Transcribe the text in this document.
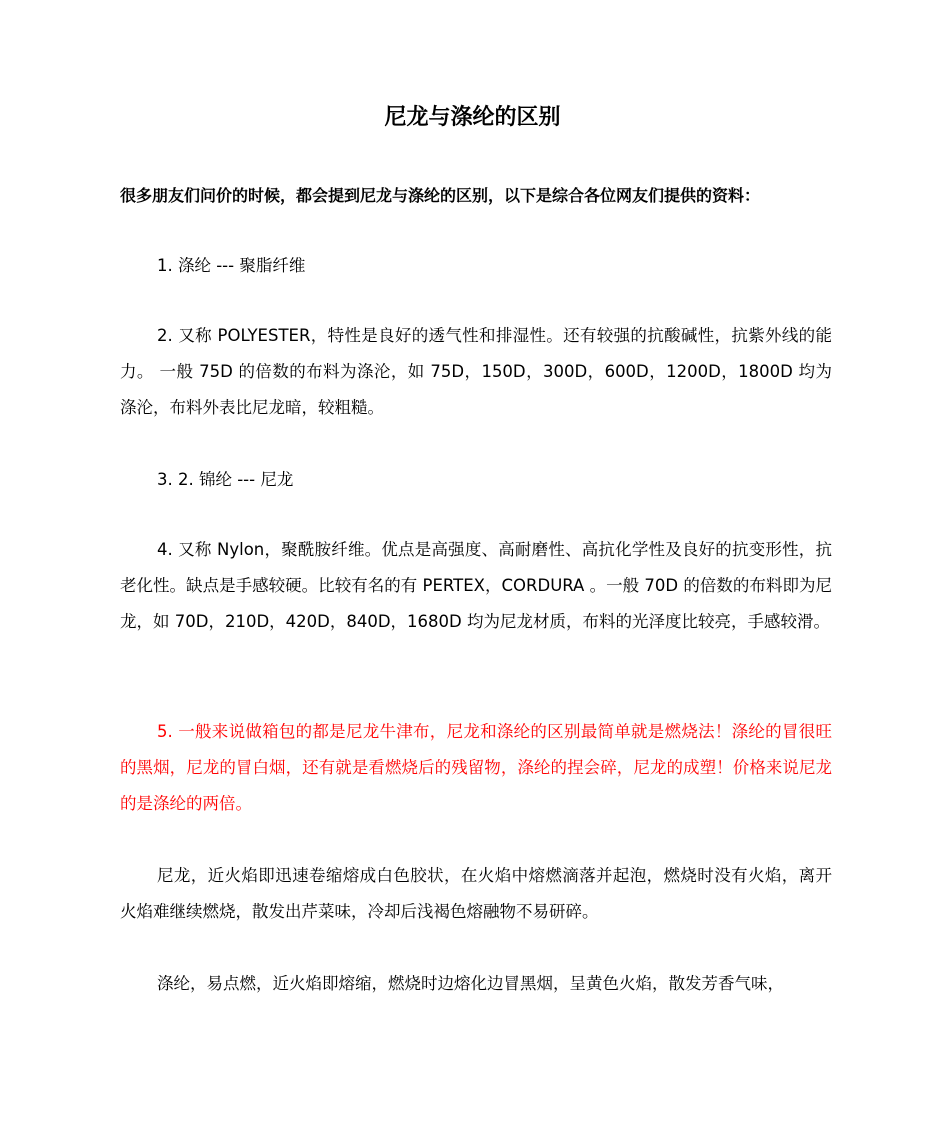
尼龙与涤纶的区别

很多朋友们问价的时候，都会提到尼龙与涤纶的区别，以下是综合各位网友们提供的资料：

1. 涤纶 --- 聚脂纤维

2. 又称 POLYESTER，特性是良好的透气性和排湿性。还有较强的抗酸碱性，抗紫外线的能力。 一般 75D 的倍数的布料为涤沦，如 75D，150D，300D，600D，1200D，1800D 均为涤沦，布料外表比尼龙暗，较粗糙。

3. 2. 锦纶 --- 尼龙

4. 又称 Nylon，聚酰胺纤维。优点是高强度、高耐磨性、高抗化学性及良好的抗变形性，抗老化性。缺点是手感较硬。比较有名的有 PERTEX，CORDURA 。一般 70D 的倍数的布料即为尼龙，如 70D，210D，420D，840D，1680D 均为尼龙材质，布料的光泽度比较亮，手感较滑。

5. 一般来说做箱包的都是尼龙牛津布，尼龙和涤纶的区别最简单就是燃烧法！涤纶的冒很旺的黑烟，尼龙的冒白烟，还有就是看燃烧后的残留物，涤纶的捏会碎，尼龙的成塑！价格来说尼龙的是涤纶的两倍。

尼龙，近火焰即迅速卷缩熔成白色胶状，在火焰中熔燃滴落并起泡，燃烧时没有火焰，离开火焰难继续燃烧，散发出芹菜味，冷却后浅褐色熔融物不易研碎。

涤纶，易点燃，近火焰即熔缩，燃烧时边熔化边冒黑烟，呈黄色火焰，散发芳香气味，
